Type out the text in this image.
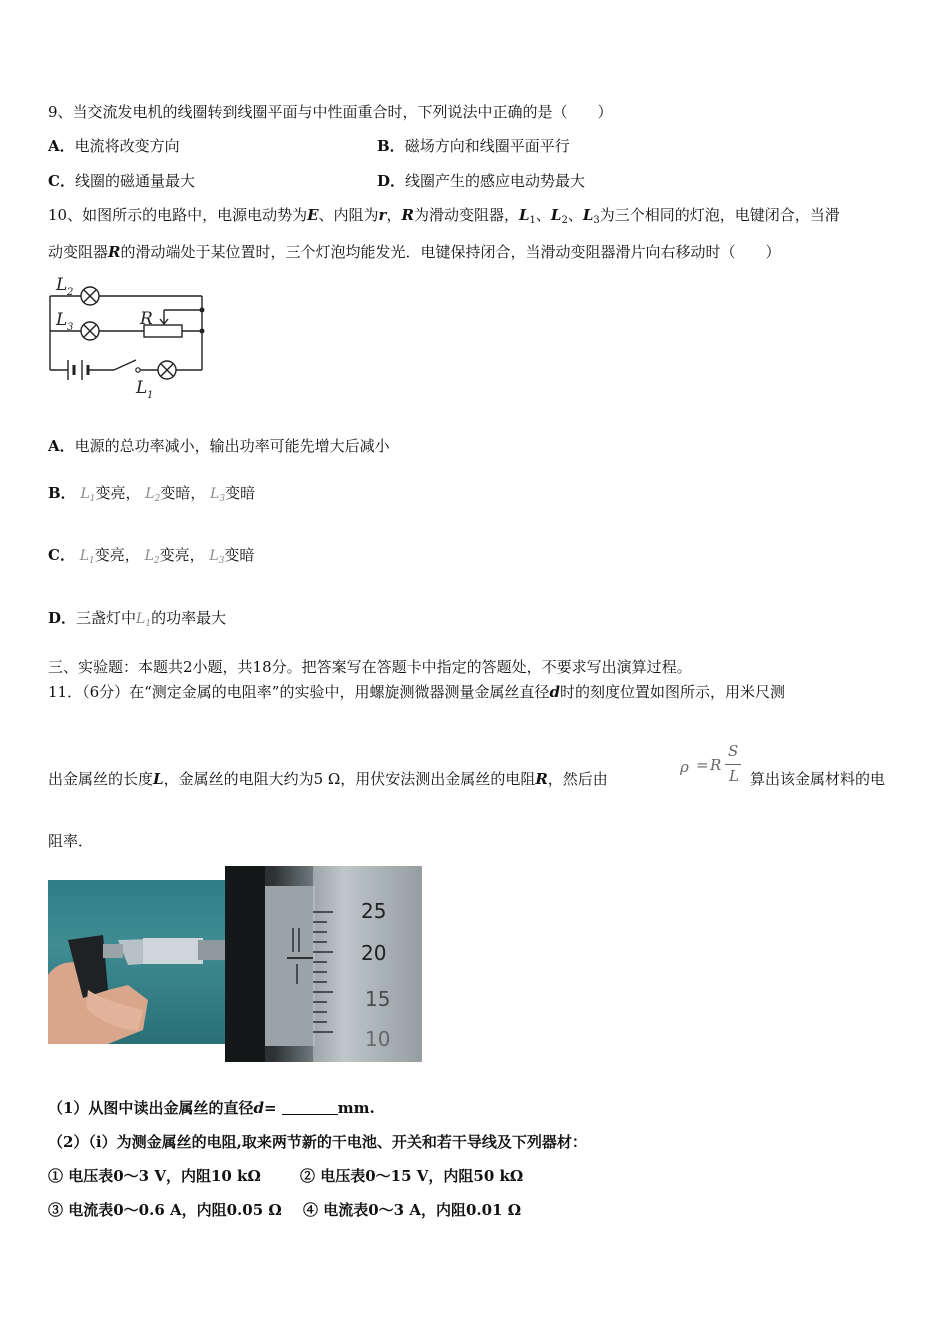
9、当交流发电机的线圈转到线圈平面与中性面重合时，下列说法中正确的是（　　）
A．电流将改变方向	B．磁场方向和线圈平面平行
C．线圈的磁通量最大	D．线圈产生的感应电动势最大
10、如图所示的电路中，电源电动势为E、内阻为r，R为滑动变阻器，$L_1$、$L_2$、$L_3$为三个相同的灯泡，电键闭合，当滑
动变阻器R的滑动端处于某位置时，三个灯泡均能发光．电键保持闭合，当滑动变阻器滑片向右移动时（　　）
L 2
L 3	R
L 1
A．电源的总功率减小，输出功率可能先增大后减小
B． $L_1$变亮， $L_2$变暗， $L_3$变暗
C． $L_1$变亮， $L_2$变亮， $L_3$变暗
D．三盏灯中$L_1$的功率最大
三、实验题：本题共2小题，共18分。把答案写在答题卡中指定的答题处，不要求写出演算过程。
11．（6分）在“测定金属的电阻率”的实验中，用螺旋测微器测量金属丝直径d时的刻度位置如图所示，用米尺测
出金属丝的长度L，金属丝的电阻大约为5 Ω，用伏安法测出金属丝的电阻R，然后由
ρ = R
S
L 算出该金属材料的电
阻率．
25
20
15
10
（1）从图中读出金属丝的直径d=	mm.
（2）（i）为测金属丝的电阻,取来两节新的干电池、开关和若干导线及下列器材：
① 电压表0～3 V，内阻10 kΩ	② 电压表0～15 V，内阻50 kΩ
③ 电流表0～0.6 A，内阻0.05 Ω ④ 电流表0～3 A，内阻0.01 Ω
